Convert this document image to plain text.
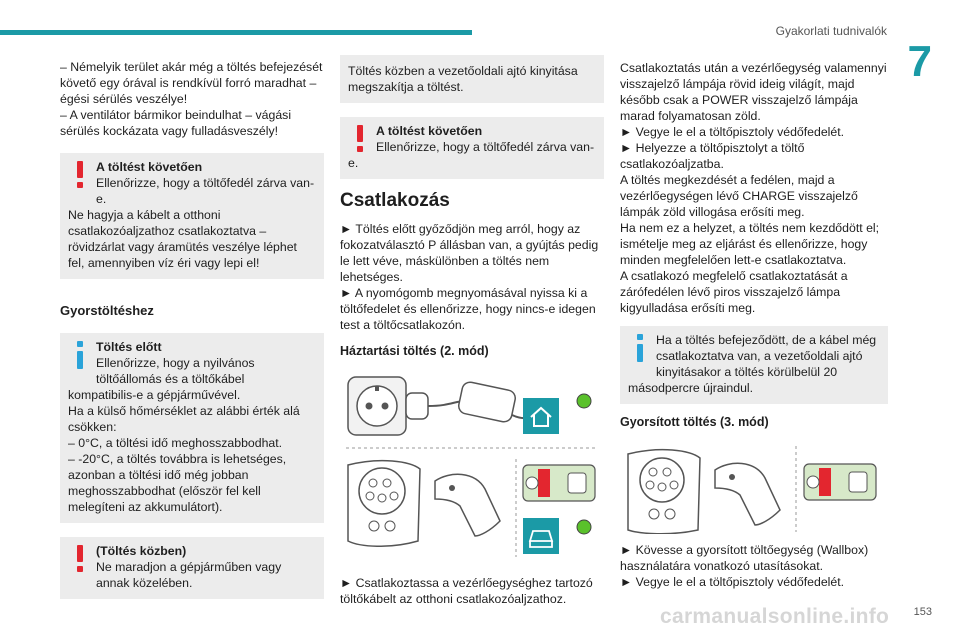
Gyakorlati tudnivalók
7

– Némelyik terület akár még a töltés befejezését követő egy órával is rendkívül forró maradhat – égési sérülés veszélye!

– A ventilátor bármikor beindulhat – vágási sérülés kockázata vagy fulladásveszély!

A töltést követően
Ellenőrizze, hogy a töltőfedél zárva van-e.
Ne hagyja a kábelt a otthoni csatlakozóaljzathoz csatlakoztatva – rövidzárlat vagy áramütés veszélye léphet fel, amennyiben víz éri vagy lepi el!
Gyorstöltéshez
Töltés előtt
Ellenőrizze, hogy a nyilvános töltőállomás és a töltőkábel kompatibilis-e a gépjárművével.
Ha a külső hőmérséklet az alábbi érték alá csökken:
– 0°C, a töltési idő meghosszabbodhat.
– -20°C, a töltés továbbra is lehetséges, azonban a töltési idő még jobban meghosszabbodhat (először fel kell melegíteni az akkumulátort).
(Töltés közben)
Ne maradjon a gépjárműben vagy annak közelében.
Töltés közben a vezetőoldali ajtó kinyitása megszakítja a töltést.
A töltést követően
Ellenőrizze, hogy a töltőfedél zárva van-e.
Csatlakozás

► Töltés előtt győződjön meg arról, hogy az fokozatválasztó P állásban van, a gyújtás pedig le lett véve, máskülönben a töltés nem lehetséges.

► A nyomógomb megnyomásával nyissa ki a töltőfedelet és ellenőrizze, hogy nincs-e idegen test a töltőcsatlakozón.

Háztartási töltés (2. mód)

► Csatlakoztassa a vezérlőegységhez tartozó töltőkábelt az otthoni csatlakozóaljzathoz.

Csatlakoztatás után a vezérlőegység valamennyi visszajelző lámpája rövid ideig világít, majd később csak a POWER visszajelző lámpája marad folyamatosan zöld.

► Vegye le el a töltőpisztoly védőfedelét.

► Helyezze a töltőpisztolyt a töltő csatlakozóaljzatba.

A töltés megkezdését a fedélen, majd a vezérlőegységen lévő CHARGE visszajelző lámpák zöld villogása erősíti meg.

Ha nem ez a helyzet, a töltés nem kezdődött el; ismételje meg az eljárást és ellenőrizze, hogy minden megfelelően lett-e csatlakoztatva.

A csatlakozó megfelelő csatlakoztatását a zárófedélen lévő piros visszajelző lámpa kigyulladása erősíti meg.

Ha a töltés befejeződött, de a kábel még csatlakoztatva van, a vezetőoldali ajtó kinyitásakor a töltés körülbelül 20 másodpercre újraindul.
Gyorsított töltés (3. mód)

► Kövesse a gyorsított töltőegység (Wallbox) használatára vonatkozó utasításokat.

► Vegye le el a töltőpisztoly védőfedelét.

carmanualsonline.info 153
